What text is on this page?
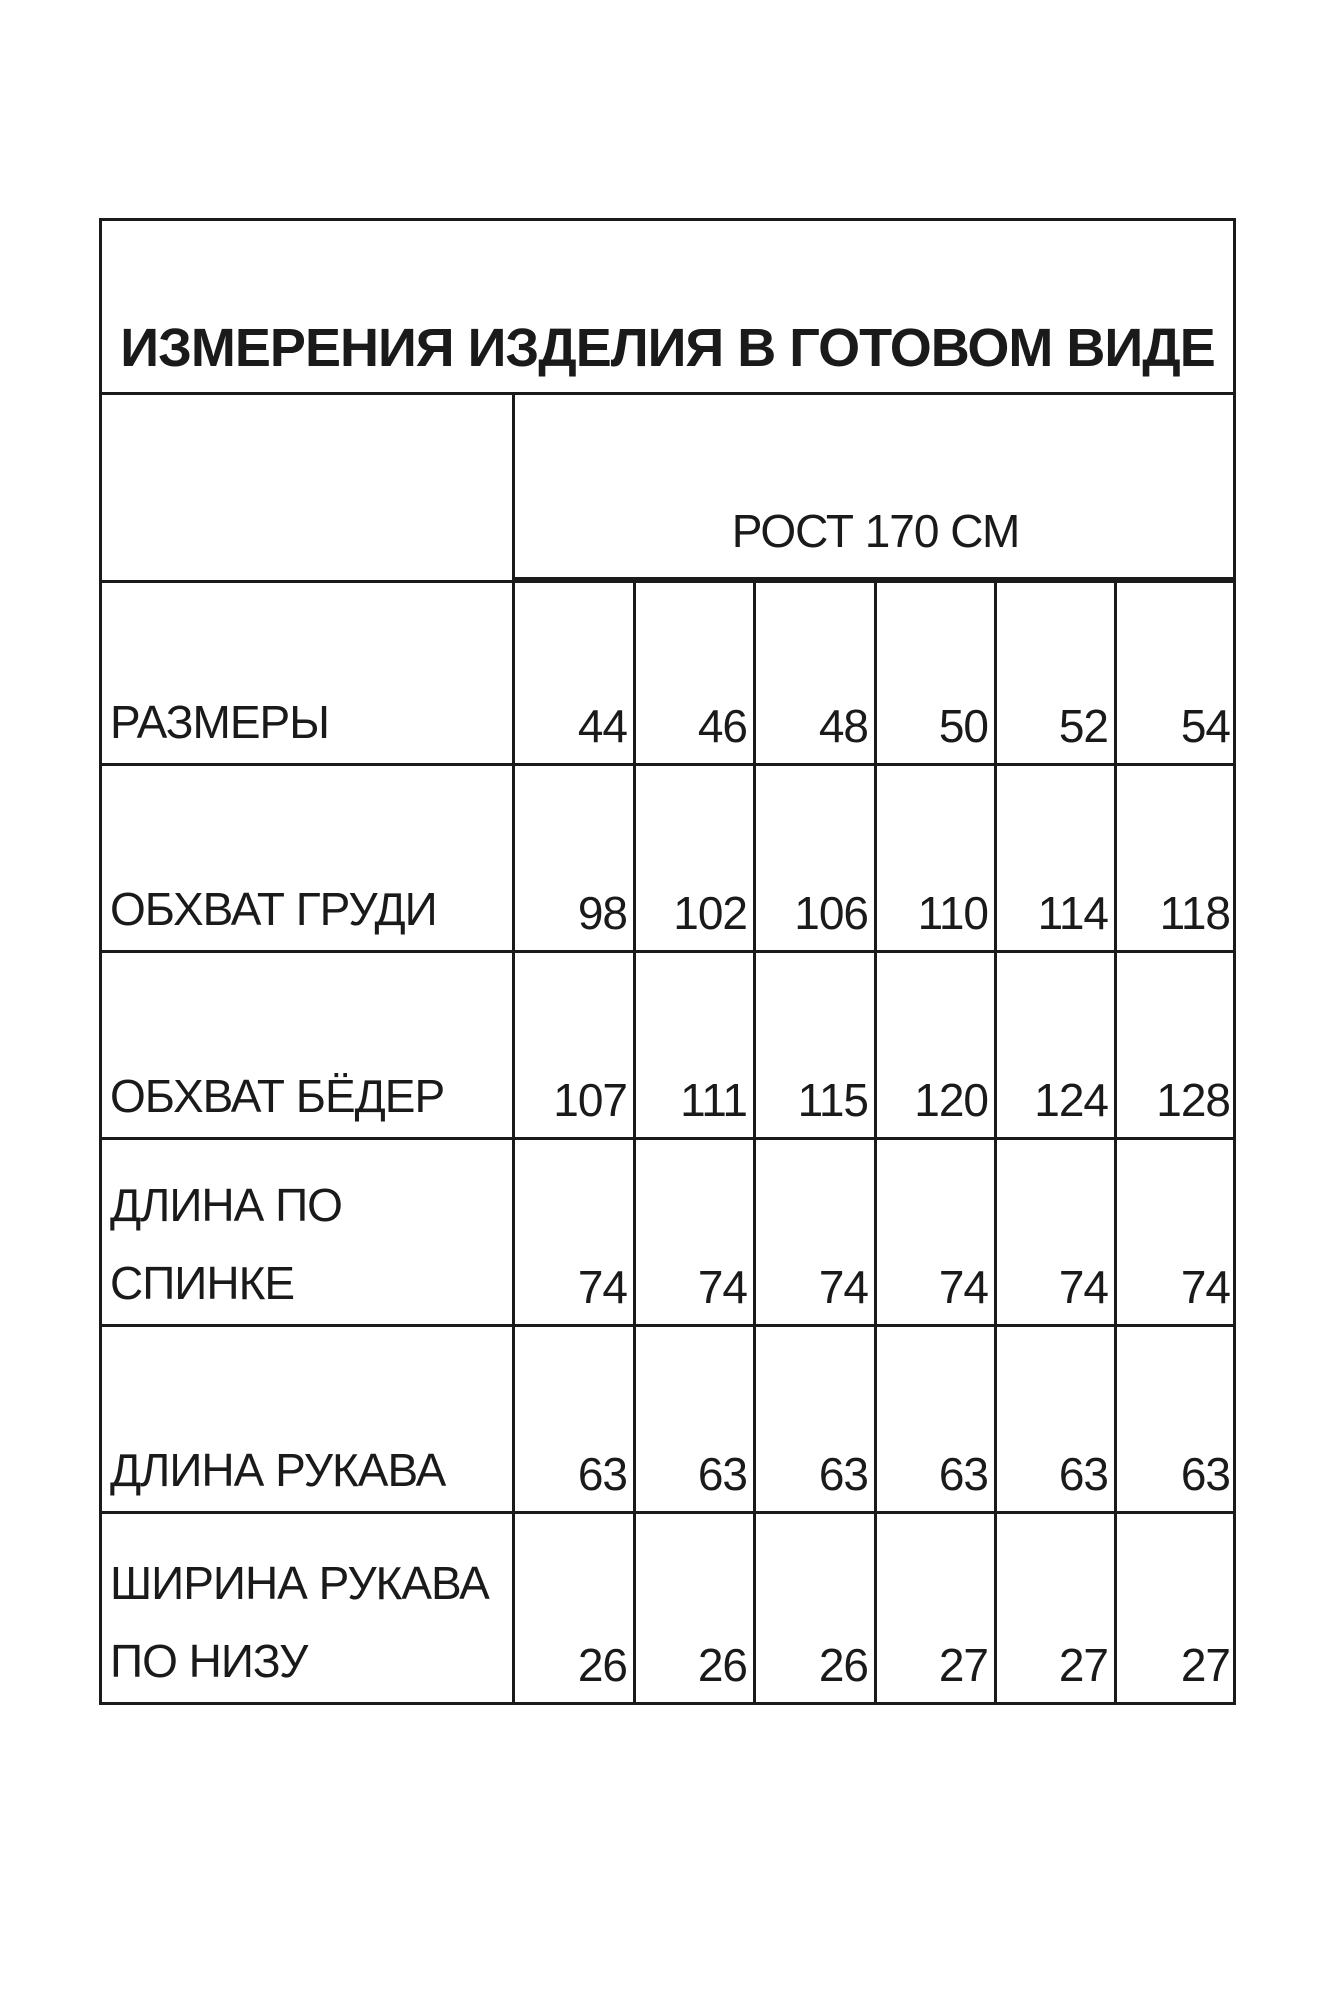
ИЗМЕРЕНИЯ ИЗДЕЛИЯ В ГОТОВОМ ВИДЕ
РОСТ 170 СМ
РАЗМЕРЫ	44	46	48	50	52	54
ОБХВАТ ГРУДИ	98	102	106	110	114	118
ОБХВАТ БЁДЕР	107	111	115	120	124	128
ДЛИНА ПО
СПИНКЕ	74	74	74	74	74	74
ДЛИНА РУКАВА	63	63	63	63	63	63
ШИРИНА РУКАВА
ПО НИЗУ	26	26	26	27	27	27
